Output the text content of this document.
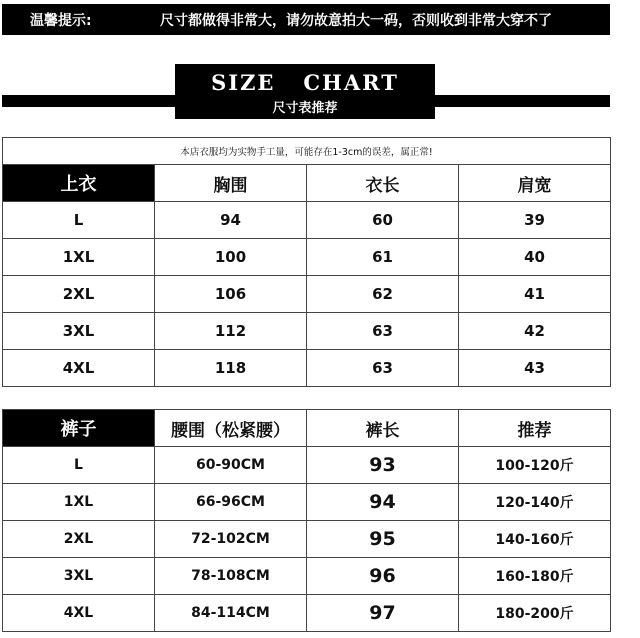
温馨提示:	尺寸都做得非常大，请勿故意拍大一码，否则收到非常大穿不了
SIZE   CHART
尺寸表推荐
本店衣服均为实物手工量，可能存在1-3cm的误差，属正常!			
上衣	胸围	衣长	肩宽
L	94	60	39
1XL	100	61	40
2XL	106	62	41
3XL	112	63	42
4XL	118	63	43
裤子	腰围（松紧腰）	裤长	推荐
L	60-90CM	93	100-120斤
1XL	66-96CM	94	120-140斤
2XL	72-102CM	95	140-160斤
3XL	78-108CM	96	160-180斤
4XL	84-114CM	97	180-200斤
